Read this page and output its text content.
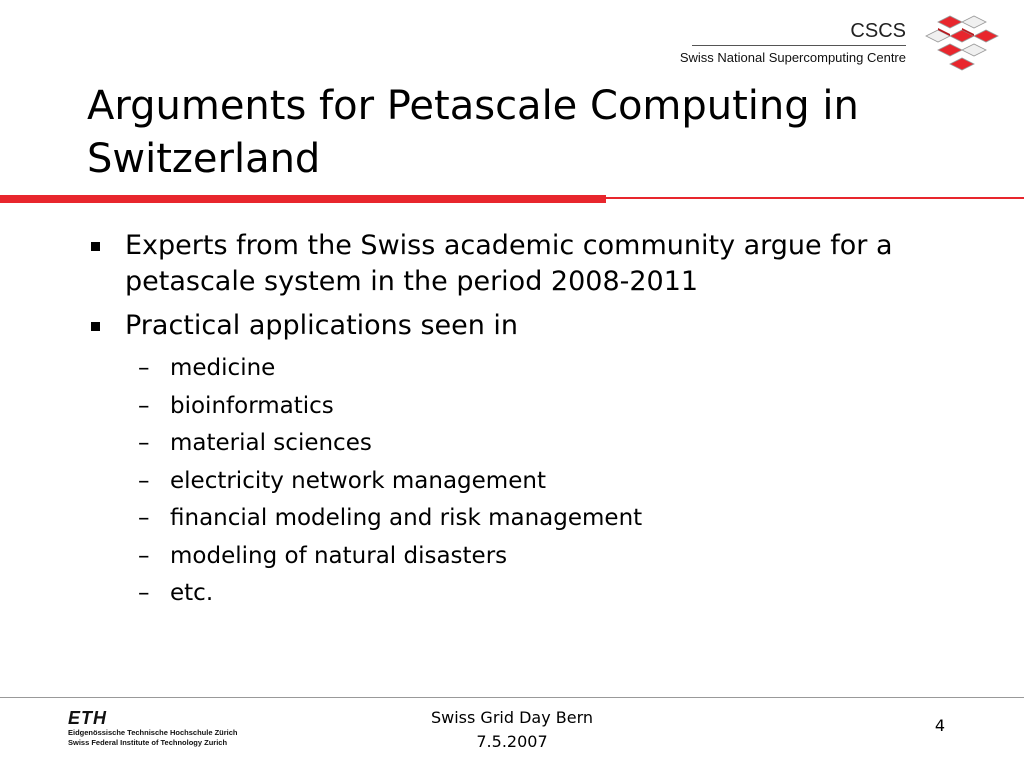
CSCS
Swiss National Supercomputing Centre
Arguments for Petascale Computing in
Switzerland
Experts from the Swiss academic community argue for a petascale system in the period 2008-2011
Practical applications seen in
– medicine
– bioinformatics
– material sciences
– electricity network management
– financial modeling and risk management
– modeling of natural disasters
– etc.
ETH
Eidgenössische Technische Hochschule Zürich
Swiss Federal Institute of Technology Zurich
Swiss Grid Day Bern
7.5.2007
4
